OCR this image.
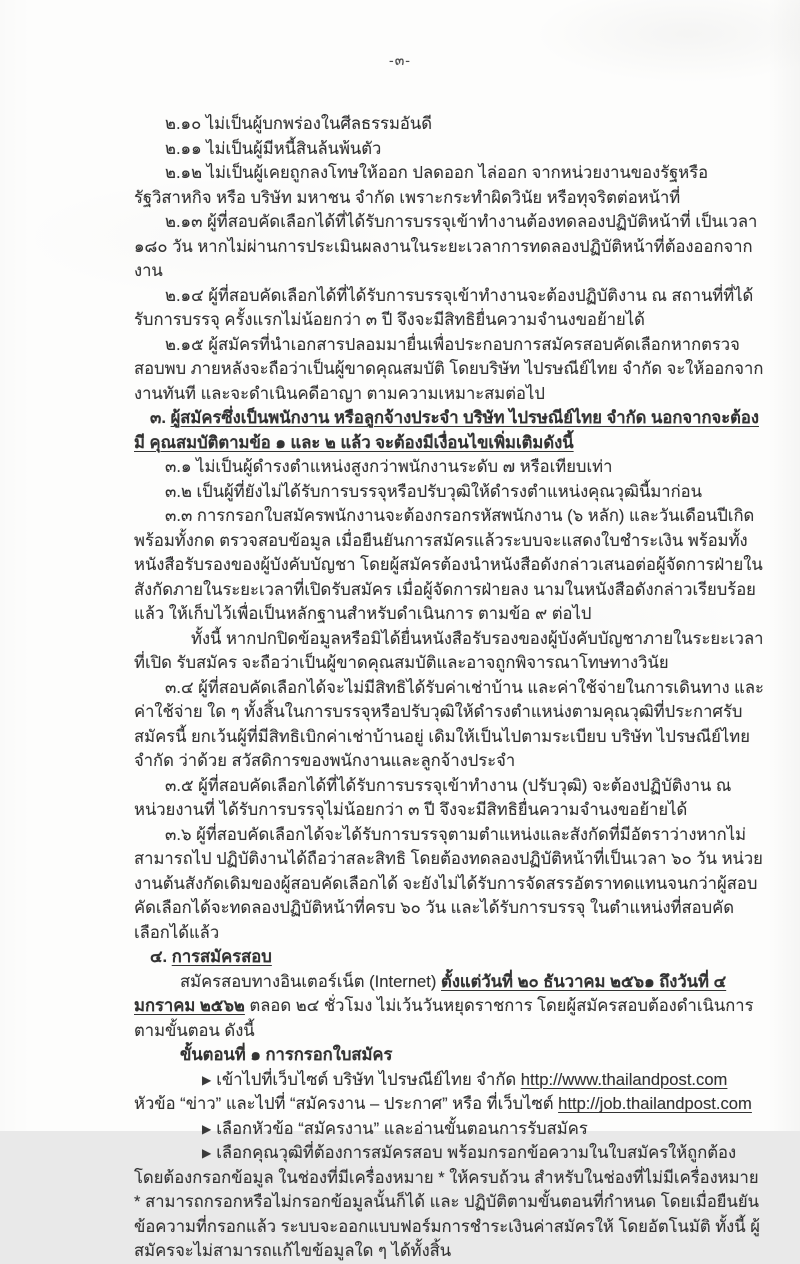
-๓-

๒.๑๐ ไม่เป็นผู้บกพร่องในศีลธรรมอันดี

๒.๑๑ ไม่เป็นผู้มีหนี้สินล้นพ้นตัว

๒.๑๒ ไม่เป็นผู้เคยถูกลงโทษให้ออก ปลดออก ไล่ออก จากหน่วยงานของรัฐหรือรัฐวิสาหกิจ หรือ บริษัท มหาชน จำกัด เพราะกระทำผิดวินัย หรือทุจริตต่อหน้าที่

๒.๑๓ ผู้ที่สอบคัดเลือกได้ที่ได้รับการบรรจุเข้าทำงานต้องทดลองปฏิบัติหน้าที่ เป็นเวลา ๑๘๐ วัน หากไม่ผ่านการประเมินผลงานในระยะเวลาการทดลองปฏิบัติหน้าที่ต้องออกจากงาน

๒.๑๔ ผู้ที่สอบคัดเลือกได้ที่ได้รับการบรรจุเข้าทำงานจะต้องปฏิบัติงาน ณ สถานที่ที่ได้รับการบรรจุ ครั้งแรกไม่น้อยกว่า ๓ ปี จึงจะมีสิทธิยื่นความจำนงขอย้ายได้

๒.๑๕ ผู้สมัครที่นำเอกสารปลอมมายื่นเพื่อประกอบการสมัครสอบคัดเลือกหากตรวจสอบพบ ภายหลังจะถือว่าเป็นผู้ขาดคุณสมบัติ โดยบริษัท ไปรษณีย์ไทย จำกัด จะให้ออกจากงานทันที และจะดำเนินคดีอาญา ตามความเหมาะสมต่อไป

๓. ผู้สมัครซึ่งเป็นพนักงาน หรือลูกจ้างประจำ บริษัท ไปรษณีย์ไทย จำกัด นอกจากจะต้องมี คุณสมบัติตามข้อ ๑ และ ๒ แล้ว จะต้องมีเงื่อนไขเพิ่มเติมดังนี้

๓.๑ ไม่เป็นผู้ดำรงตำแหน่งสูงกว่าพนักงานระดับ ๗ หรือเทียบเท่า

๓.๒ เป็นผู้ที่ยังไม่ได้รับการบรรจุหรือปรับวุฒิให้ดำรงตำแหน่งคุณวุฒินี้มาก่อน

๓.๓ การกรอกใบสมัครพนักงานจะต้องกรอกรหัสพนักงาน (๖ หลัก) และวันเดือนปีเกิด พร้อมทั้งกด ตรวจสอบข้อมูล เมื่อยืนยันการสมัครแล้วระบบจะแสดงใบชำระเงิน พร้อมทั้งหนังสือรับรองของผู้บังคับบัญชา โดยผู้สมัครต้องนำหนังสือดังกล่าวเสนอต่อผู้จัดการฝ่ายในสังกัดภายในระยะเวลาที่เปิดรับสมัคร เมื่อผู้จัดการฝ่ายลง นามในหนังสือดังกล่าวเรียบร้อยแล้ว ให้เก็บไว้เพื่อเป็นหลักฐานสำหรับดำเนินการ ตามข้อ ๙ ต่อไป

ทั้งนี้ หากปกปิดข้อมูลหรือมิได้ยื่นหนังสือรับรองของผู้บังคับบัญชาภายในระยะเวลาที่เปิด รับสมัคร จะถือว่าเป็นผู้ขาดคุณสมบัติและอาจถูกพิจารณาโทษทางวินัย

๓.๔ ผู้ที่สอบคัดเลือกได้จะไม่มีสิทธิได้รับค่าเช่าบ้าน และค่าใช้จ่ายในการเดินทาง และค่าใช้จ่าย ใด ๆ ทั้งสิ้นในการบรรจุหรือปรับวุฒิให้ดำรงตำแหน่งตามคุณวุฒิที่ประกาศรับสมัครนี้ ยกเว้นผู้ที่มีสิทธิเบิกค่าเช่าบ้านอยู่ เดิมให้เป็นไปตามระเบียบ บริษัท ไปรษณีย์ไทย จำกัด ว่าด้วย สวัสดิการของพนักงานและลูกจ้างประจำ

๓.๕ ผู้ที่สอบคัดเลือกได้ที่ได้รับการบรรจุเข้าทำงาน (ปรับวุฒิ) จะต้องปฏิบัติงาน ณ หน่วยงานที่ ได้รับการบรรจุไม่น้อยกว่า ๓ ปี จึงจะมีสิทธิยื่นความจำนงขอย้ายได้

๓.๖ ผู้ที่สอบคัดเลือกได้จะได้รับการบรรจุตามตำแหน่งและสังกัดที่มีอัตราว่างหากไม่สามารถไป ปฏิบัติงานได้ถือว่าสละสิทธิ โดยต้องทดลองปฏิบัติหน้าที่เป็นเวลา ๖๐ วัน หน่วยงานต้นสังกัดเดิมของผู้สอบคัดเลือกได้ จะยังไม่ได้รับการจัดสรรอัตราทดแทนจนกว่าผู้สอบคัดเลือกได้จะทดลองปฏิบัติหน้าที่ครบ ๖๐ วัน และได้รับการบรรจุ ในตำแหน่งที่สอบคัดเลือกได้แล้ว

๔. การสมัครสอบ

สมัครสอบทางอินเตอร์เน็ต (Internet) ตั้งแต่วันที่ ๒๐ ธันวาคม ๒๕๖๑ ถึงวันที่ ๔ มกราคม ๒๕๖๒ ตลอด ๒๔ ชั่วโมง ไม่เว้นวันหยุดราชการ โดยผู้สมัครสอบต้องดำเนินการตามขั้นตอน ดังนี้

ขั้นตอนที่ ๑ การกรอกใบสมัคร

▶ เข้าไปที่เว็บไซต์ บริษัท ไปรษณีย์ไทย จำกัด http://www.thailandpost.com หัวข้อ “ข่าว” และไปที่ “สมัครงาน – ประกาศ” หรือ ที่เว็บไซต์ http://job.thailandpost.com

▶ เลือกหัวข้อ “สมัครงาน” และอ่านขั้นตอนการรับสมัคร

▶ เลือกคุณวุฒิที่ต้องการสมัครสอบ พร้อมกรอกข้อความในใบสมัครให้ถูกต้อง โดยต้องกรอกข้อมูล ในช่องที่มีเครื่องหมาย * ให้ครบถ้วน สำหรับในช่องที่ไม่มีเครื่องหมาย * สามารถกรอกหรือไม่กรอกข้อมูลนั้นก็ได้ และ ปฏิบัติตามขั้นตอนที่กำหนด โดยเมื่อยืนยันข้อความที่กรอกแล้ว ระบบจะออกแบบฟอร์มการชำระเงินค่าสมัครให้ โดยอัตโนมัติ ทั้งนี้ ผู้สมัครจะไม่สามารถแก้ไขข้อมูลใด ๆ ได้ทั้งสิ้น
